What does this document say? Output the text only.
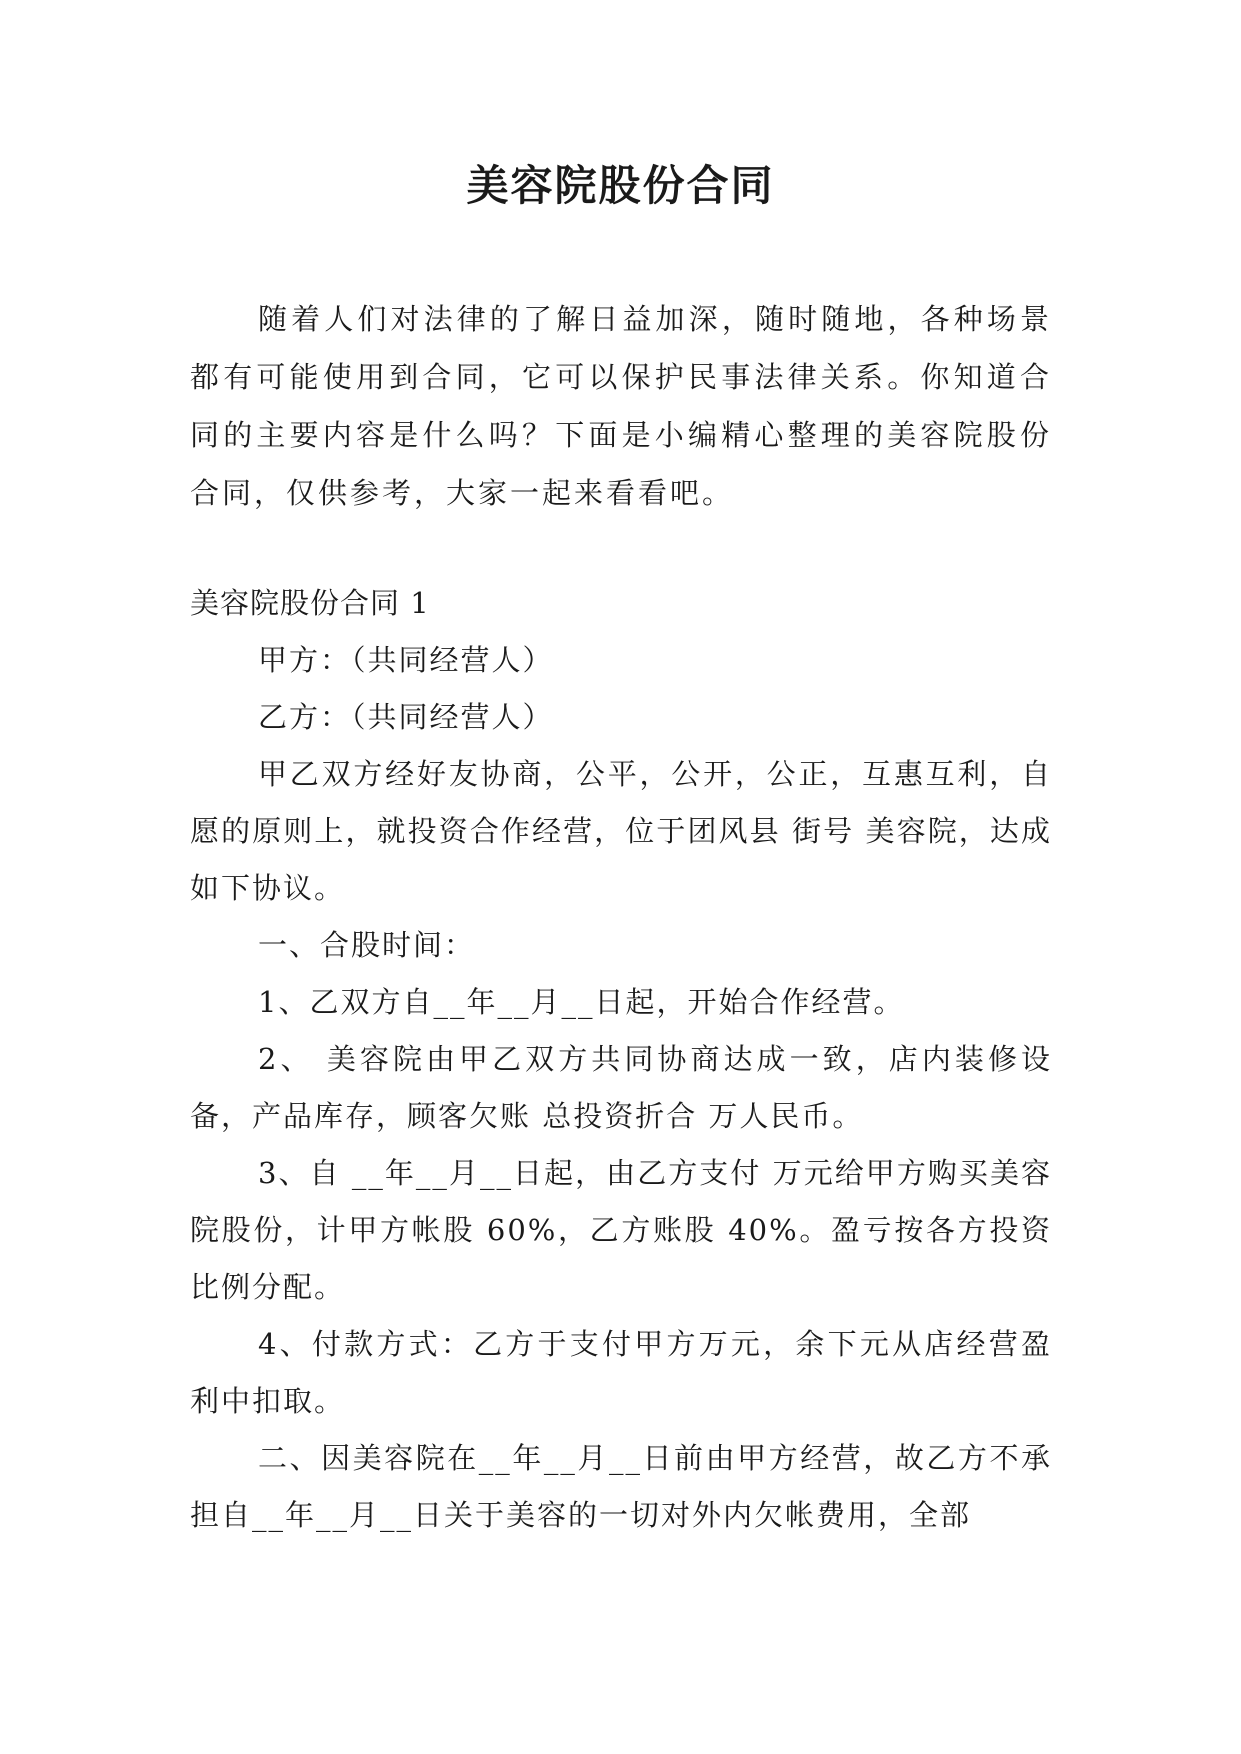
美容院股份合同

随着人们对法律的了解日益加深，随时随地，各种场景都有可能使用到合同，它可以保护民事法律关系。你知道合同的主要内容是什么吗？下面是小编精心整理的美容院股份合同，仅供参考，大家一起来看看吧。

美容院股份合同 1

甲方：（共同经营人）

乙方：（共同经营人）

甲乙双方经好友协商，公平，公开，公正，互惠互利，自愿的原则上，就投资合作经营，位于团风县 街号 美容院，达成如下协议。

一、合股时间：

1、乙双方自__年__月__日起，开始合作经营。

2、 美容院由甲乙双方共同协商达成一致，店内装修设备，产品库存，顾客欠账 总投资折合 万人民币。

3、自 __年__月__日起，由乙方支付 万元给甲方购买美容院股份，计甲方帐股 60%，乙方账股 40%。盈亏按各方投资比例分配。

4、付款方式：乙方于支付甲方万元，余下元从店经营盈利中扣取。

二、因美容院在__年__月__日前由甲方经营，故乙方不承担自__年__月__日关于美容的一切对外内欠帐费用，全部
